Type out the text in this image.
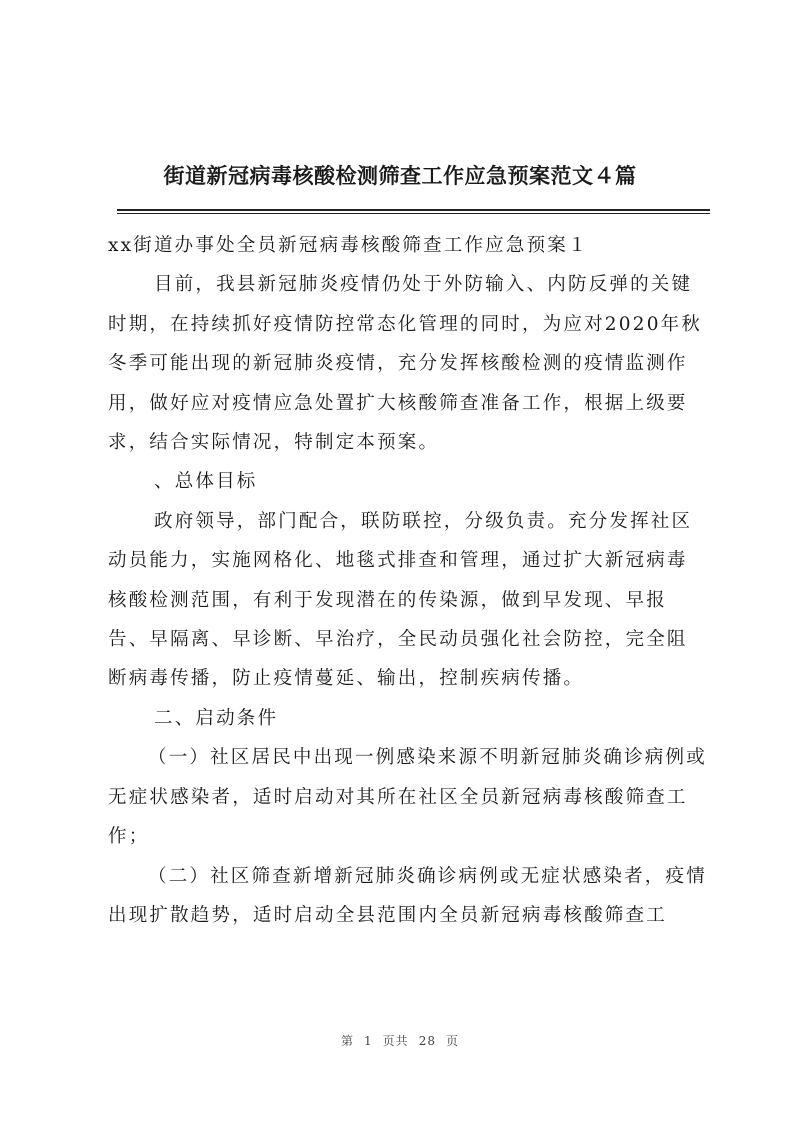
街道新冠病毒核酸检测筛查工作应急预案范文４篇

xx街道办事处全员新冠病毒核酸筛查工作应急预案１

目前，我县新冠肺炎疫情仍处于外防输入、内防反弹的关键时期，在持续抓好疫情防控常态化管理的同时，为应对2020年秋冬季可能出现的新冠肺炎疫情，充分发挥核酸检测的疫情监测作用，做好应对疫情应急处置扩大核酸筛查准备工作，根据上级要求，结合实际情况，特制定本预案。

、总体目标

政府领导，部门配合，联防联控，分级负责。充分发挥社区动员能力，实施网格化、地毯式排查和管理，通过扩大新冠病毒核酸检测范围，有利于发现潜在的传染源，做到早发现、早报告、早隔离、早诊断、早治疗，全民动员强化社会防控，完全阻断病毒传播，防止疫情蔓延、输出，控制疾病传播。

二、启动条件

（一）社区居民中出现一例感染来源不明新冠肺炎确诊病例或无症状感染者，适时启动对其所在社区全员新冠病毒核酸筛查工作；

（二）社区筛查新增新冠肺炎确诊病例或无症状感染者，疫情出现扩散趋势，适时启动全县范围内全员新冠病毒核酸筛查工

第 1 页共 28 页
